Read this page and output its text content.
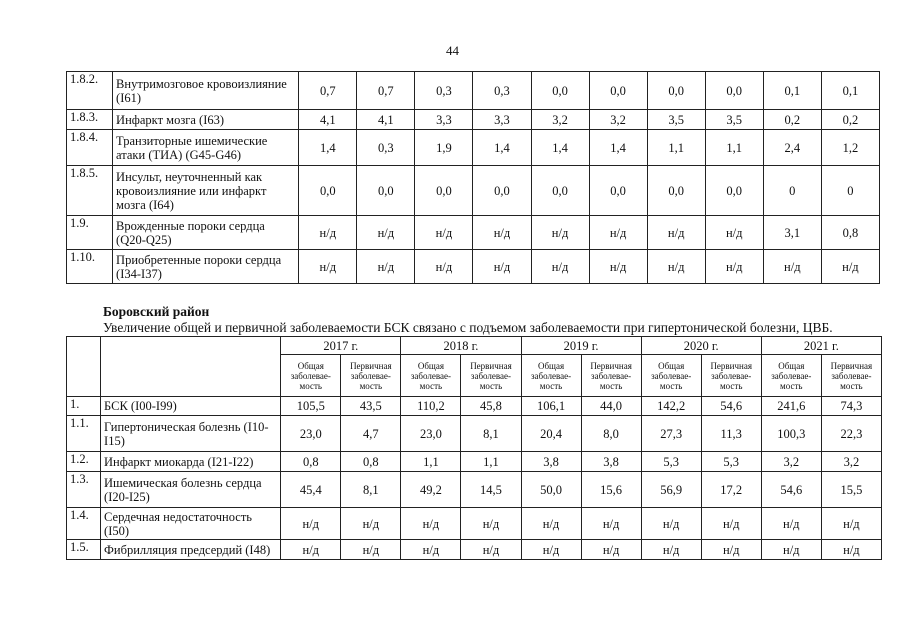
44
1.8.2.	Внутримозговое кровоизлияние (I61)	0,7	0,7	0,3	0,3	0,0	0,0	0,0	0,0	0,1	0,1
1.8.3.	Инфаркт мозга (I63)	4,1	4,1	3,3	3,3	3,2	3,2	3,5	3,5	0,2	0,2
1.8.4.	Транзиторные ишемические атаки (ТИА) (G45-G46)	1,4	0,3	1,9	1,4	1,4	1,4	1,1	1,1	2,4	1,2
1.8.5.	Инсульт, неуточненный как кровоизлияние или инфаркт мозга (I64)	0,0	0,0	0,0	0,0	0,0	0,0	0,0	0,0	0	0
1.9.	Врожденные пороки сердца (Q20-Q25)	н/д	н/д	н/д	н/д	н/д	н/д	н/д	н/д	3,1	0,8
1.10.	Приобретенные пороки сердца (I34-I37)	н/д	н/д	н/д	н/д	н/д	н/д	н/д	н/д	н/д	н/д
Боровский район
Увеличение общей и первичной заболеваемости БСК связано с подъемом заболеваемости при гипертонической болезни, ЦВБ.
		2017 г.		2018 г.		2019 г.		2020 г.		2021 г.	
		Общая заболевае-мость	Первичная заболевае-мость	Общая заболевае-мость	Первичная заболевае-мость	Общая заболевае-мость	Первичная заболевае-мость	Общая заболевае-мость	Первичная заболевае-мость	Общая заболевае-мость	Первичная заболевае-мость
1.	БСК (I00-I99)	105,5	43,5	110,2	45,8	106,1	44,0	142,2	54,6	241,6	74,3
1.1.	Гипертоническая болезнь (I10-I15)	23,0	4,7	23,0	8,1	20,4	8,0	27,3	11,3	100,3	22,3
1.2.	Инфаркт миокарда (I21-I22)	0,8	0,8	1,1	1,1	3,8	3,8	5,3	5,3	3,2	3,2
1.3.	Ишемическая болезнь сердца (I20-I25)	45,4	8,1	49,2	14,5	50,0	15,6	56,9	17,2	54,6	15,5
1.4.	Сердечная недостаточность (I50)	н/д	н/д	н/д	н/д	н/д	н/д	н/д	н/д	н/д	н/д
1.5.	Фибрилляция предсердий (I48)	н/д	н/д	н/д	н/д	н/д	н/д	н/д	н/д	н/д	н/д
